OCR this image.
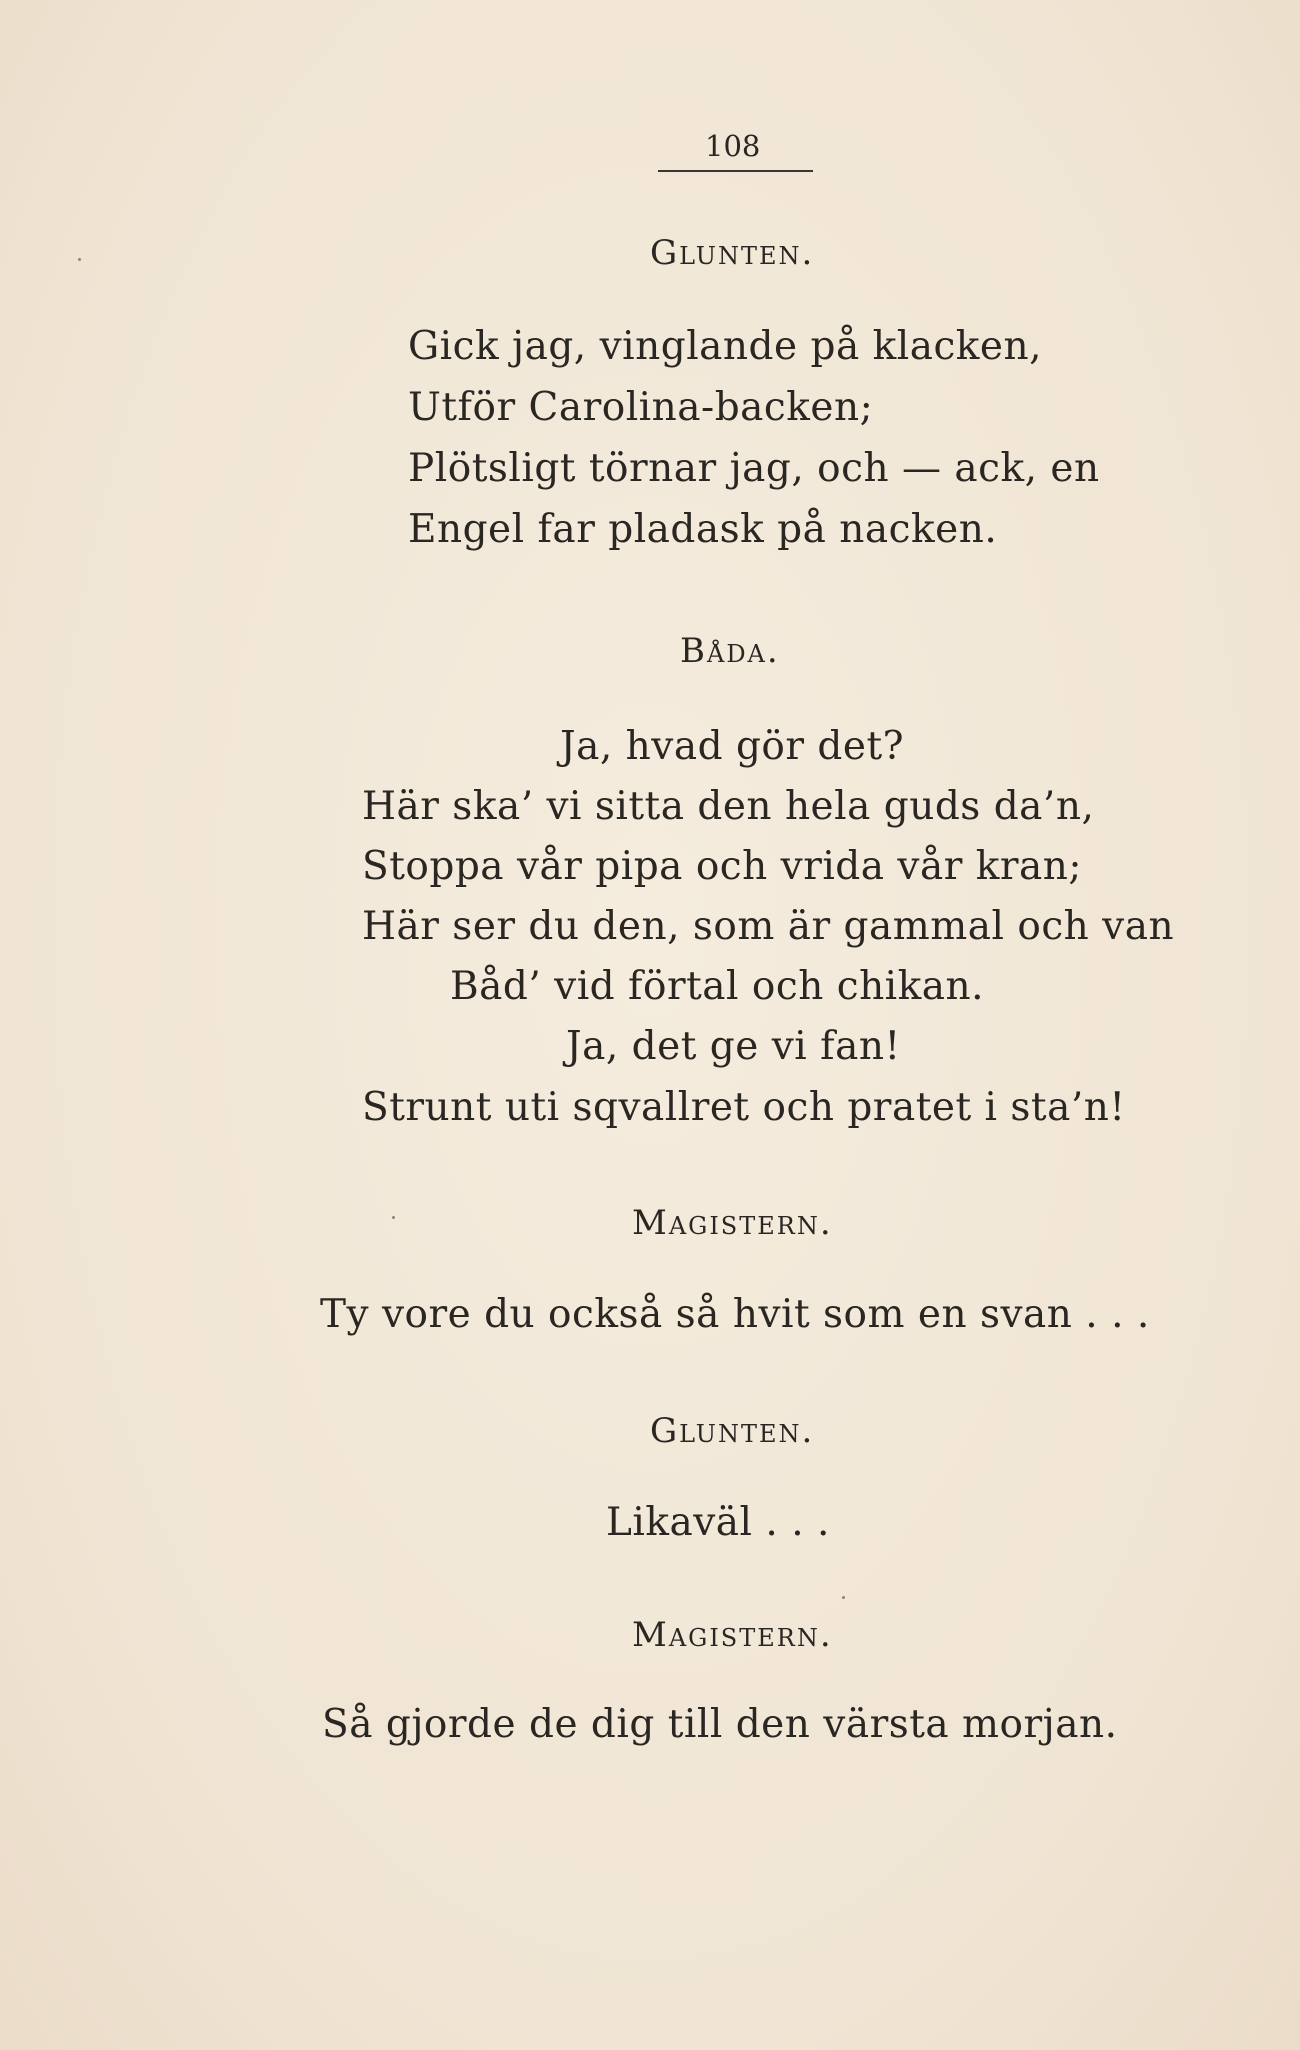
108
Glunten.
Gick jag, vinglande på klacken,
Utför Carolina-backen;
Plötsligt törnar jag, och — ack, en
Engel far pladask på nacken.
Båda.
Ja, hvad gör det?
Här ska’ vi sitta den hela guds da’n,
Stoppa vår pipa och vrida vår kran;
Här ser du den, som är gammal och van
Båd’ vid förtal och chikan.
Ja, det ge vi fan!
Strunt uti sqvallret och pratet i sta’n!
Magistern.
Ty vore du också så hvit som en svan . . .
Glunten.
Likaväl . . .
Magistern.
Så gjorde de dig till den värsta morjan.
